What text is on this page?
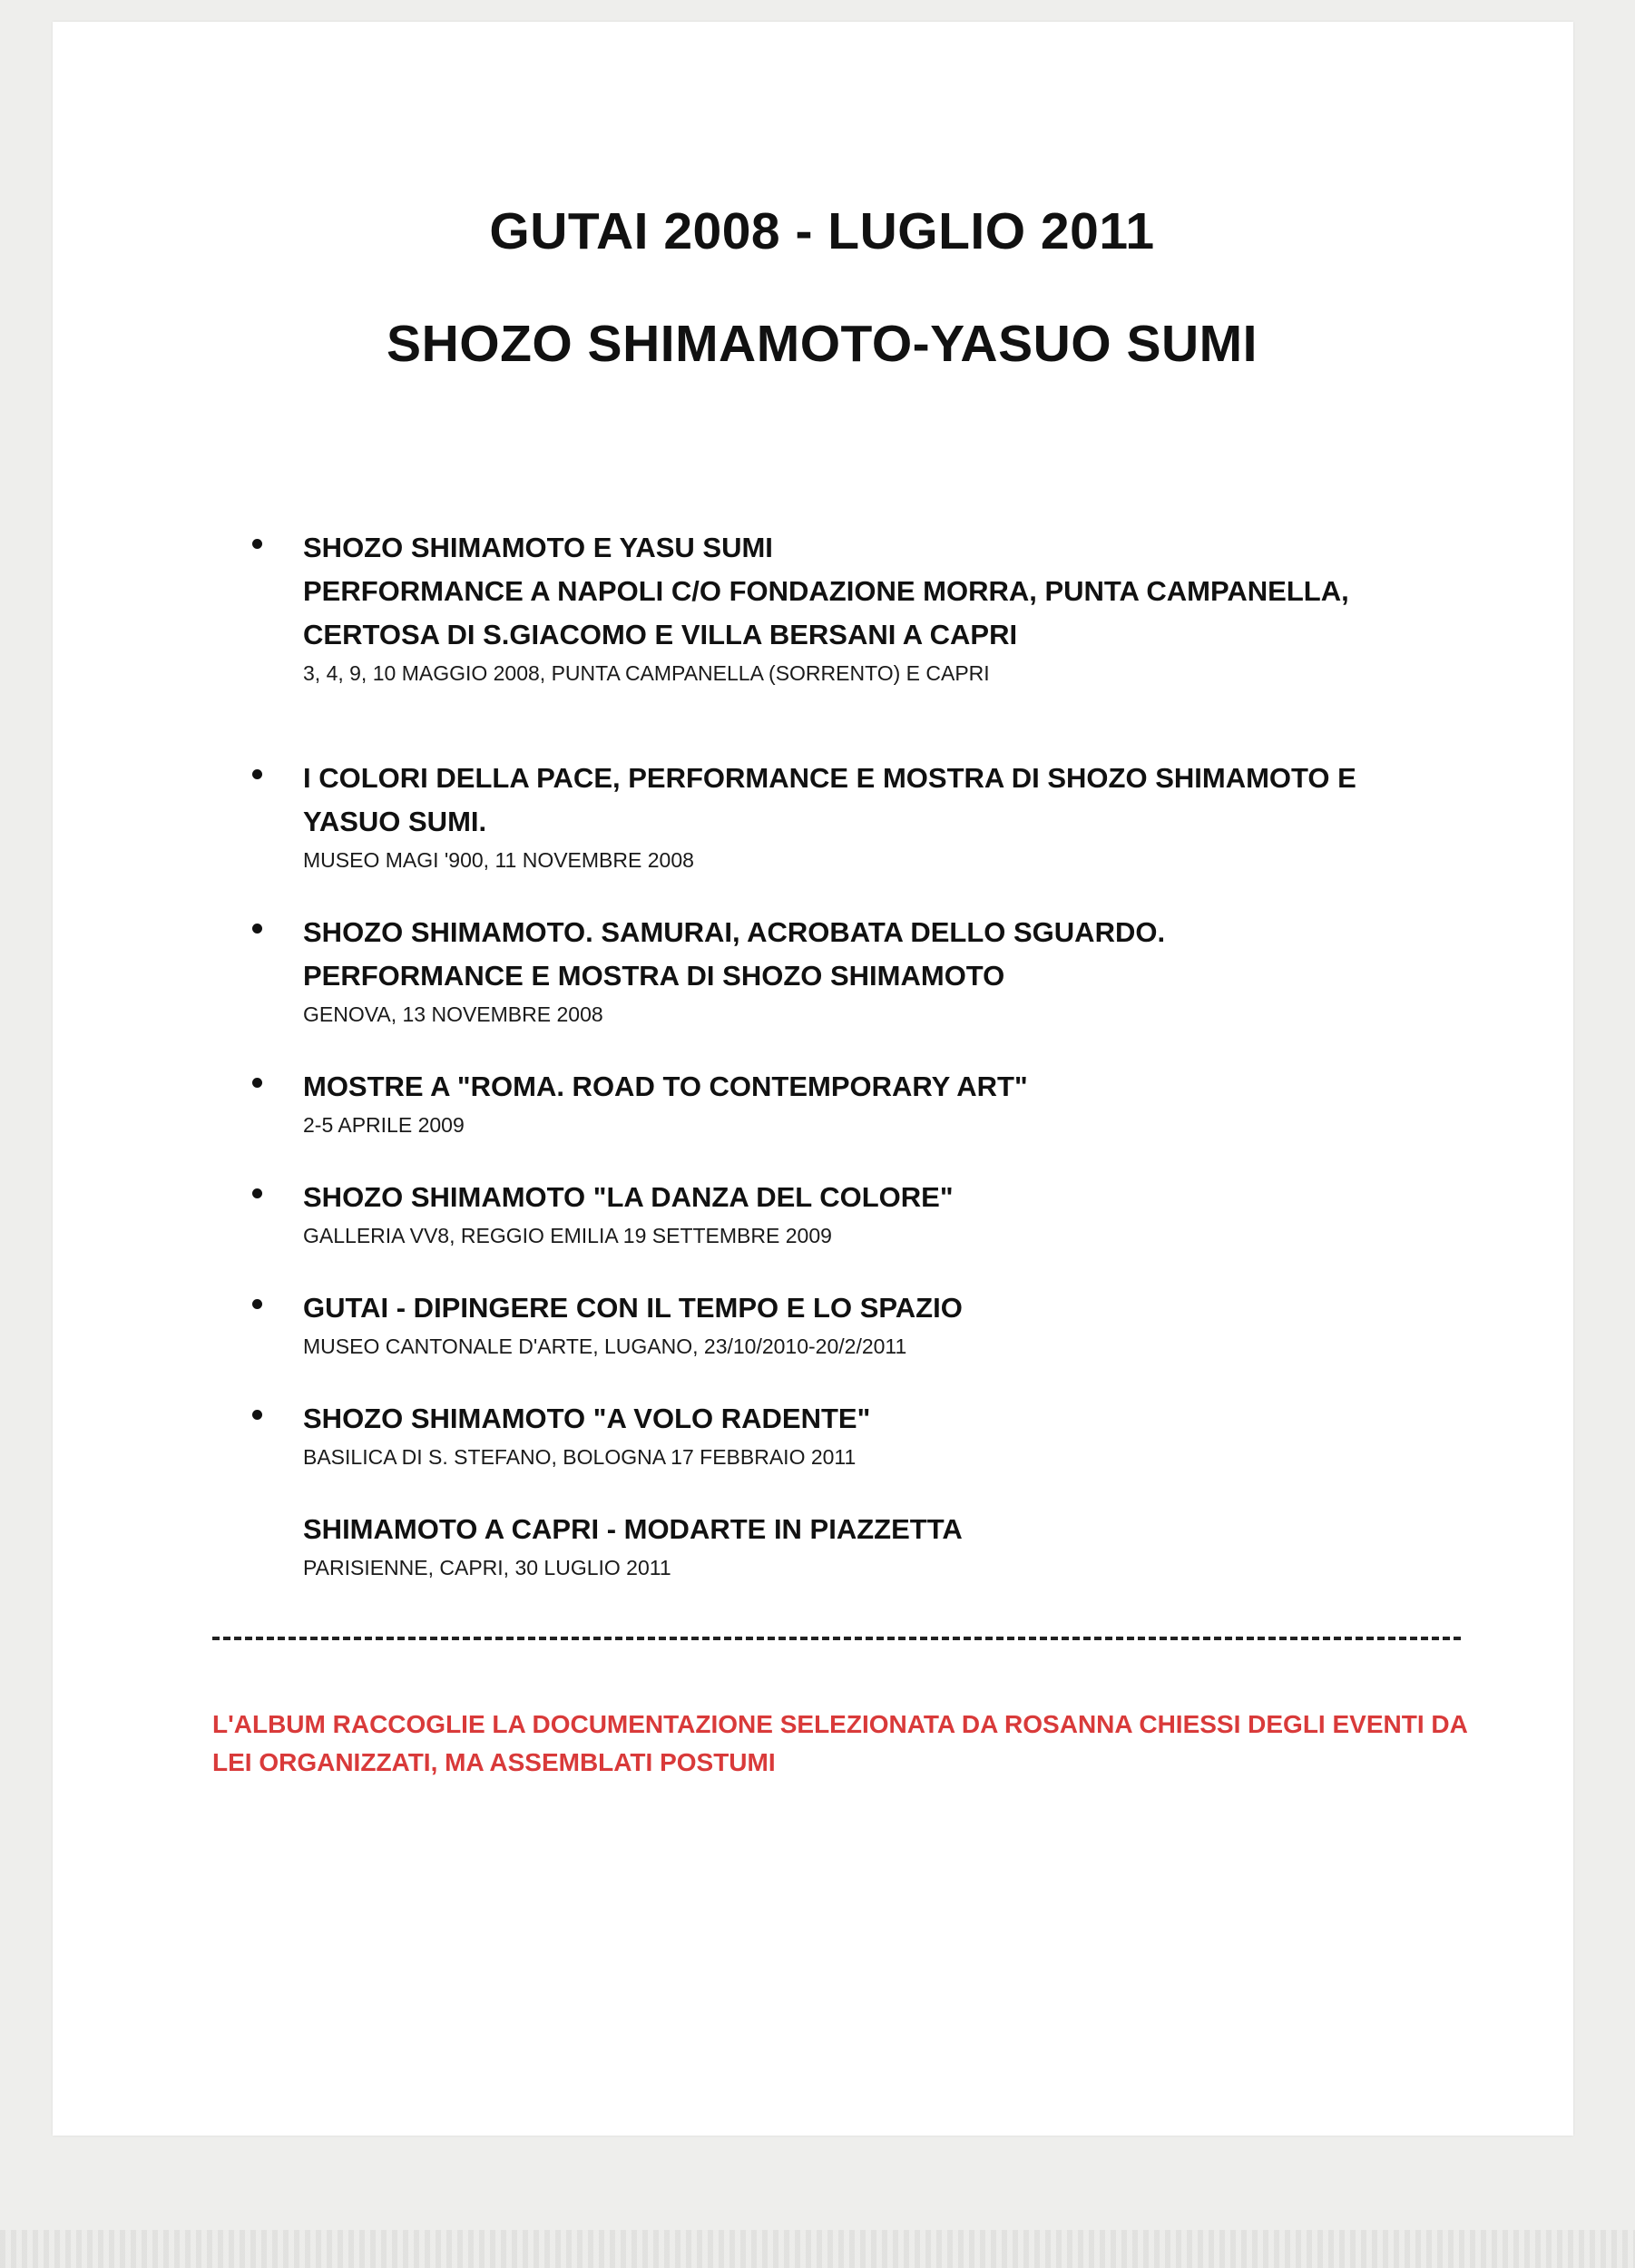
GUTAI 2008 - LUGLIO 2011
SHOZO SHIMAMOTO-YASUO SUMI
SHOZO SHIMAMOTO E YASU SUMI
PERFORMANCE A NAPOLI C/O FONDAZIONE MORRA, PUNTA CAMPANELLA,
CERTOSA DI S.GIACOMO E VILLA BERSANI A CAPRI
3, 4, 9, 10 MAGGIO 2008, PUNTA CAMPANELLA (SORRENTO) E CAPRI
I COLORI DELLA PACE, PERFORMANCE E MOSTRA DI SHOZO SHIMAMOTO E
YASUO SUMI.
MUSEO MAGI '900, 11 NOVEMBRE 2008
SHOZO SHIMAMOTO. SAMURAI, ACROBATA DELLO SGUARDO.
PERFORMANCE E MOSTRA DI SHOZO SHIMAMOTO
GENOVA, 13 NOVEMBRE 2008
MOSTRE A "ROMA. ROAD TO CONTEMPORARY ART"
2-5 APRILE 2009
SHOZO SHIMAMOTO "LA DANZA DEL COLORE"
GALLERIA VV8, REGGIO EMILIA 19 SETTEMBRE 2009
GUTAI - DIPINGERE CON IL TEMPO E LO SPAZIO
MUSEO CANTONALE D'ARTE, LUGANO, 23/10/2010-20/2/2011
SHOZO SHIMAMOTO "A VOLO RADENTE"
BASILICA DI S. STEFANO, BOLOGNA 17 FEBBRAIO 2011
SHIMAMOTO A CAPRI - MODARTE IN PIAZZETTA
PARISIENNE, CAPRI, 30 LUGLIO 2011
L'ALBUM RACCOGLIE LA DOCUMENTAZIONE SELEZIONATA DA ROSANNA CHIESSI DEGLI EVENTI DA LEI ORGANIZZATI, MA ASSEMBLATI POSTUMI
